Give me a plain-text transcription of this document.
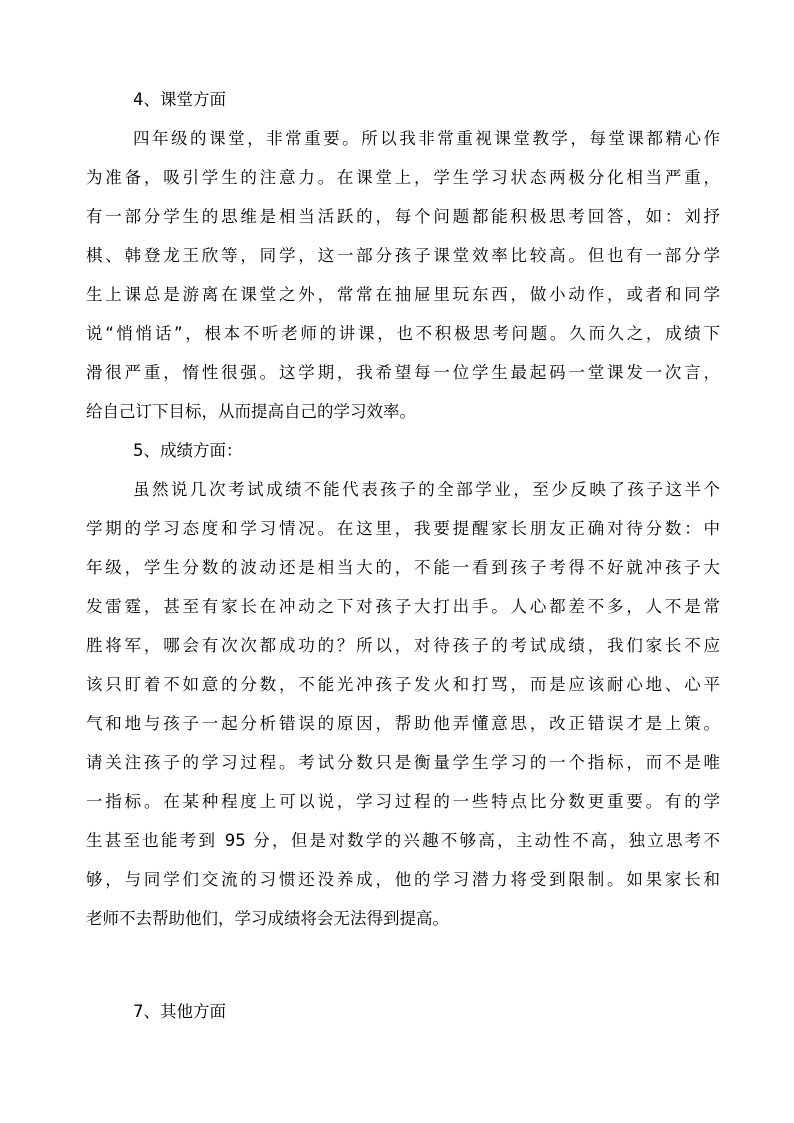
4、课堂方面
四年级的课堂，非常重要。所以我非常重视课堂教学，每堂课都精心作
为准备，吸引学生的注意力。在课堂上，学生学习状态两极分化相当严重，
有一部分学生的思维是相当活跃的，每个问题都能积极思考回答，如：刘抒
棋、韩登龙王欣等，同学，这一部分孩子课堂效率比较高。但也有一部分学
生上课总是游离在课堂之外，常常在抽屉里玩东西，做小动作，或者和同学
说“悄悄话”，根本不听老师的讲课，也不积极思考问题。久而久之，成绩下
滑很严重，惰性很强。这学期，我希望每一位学生最起码一堂课发一次言，
给自己订下目标，从而提高自己的学习效率。
5、成绩方面：
虽然说几次考试成绩不能代表孩子的全部学业，至少反映了孩子这半个
学期的学习态度和学习情况。在这里，我要提醒家长朋友正确对待分数：中
年级，学生分数的波动还是相当大的，不能一看到孩子考得不好就冲孩子大
发雷霆，甚至有家长在冲动之下对孩子大打出手。人心都差不多，人不是常
胜将军，哪会有次次都成功的？所以，对待孩子的考试成绩，我们家长不应
该只盯着不如意的分数，不能光冲孩子发火和打骂，而是应该耐心地、心平
气和地与孩子一起分析错误的原因，帮助他弄懂意思，改正错误才是上策。
请关注孩子的学习过程。考试分数只是衡量学生学习的一个指标，而不是唯
一指标。在某种程度上可以说，学习过程的一些特点比分数更重要。有的学
生甚至也能考到 95 分，但是对数学的兴趣不够高，主动性不高，独立思考不
够，与同学们交流的习惯还没养成，他的学习潜力将受到限制。如果家长和
老师不去帮助他们，学习成绩将会无法得到提高。
7、其他方面
